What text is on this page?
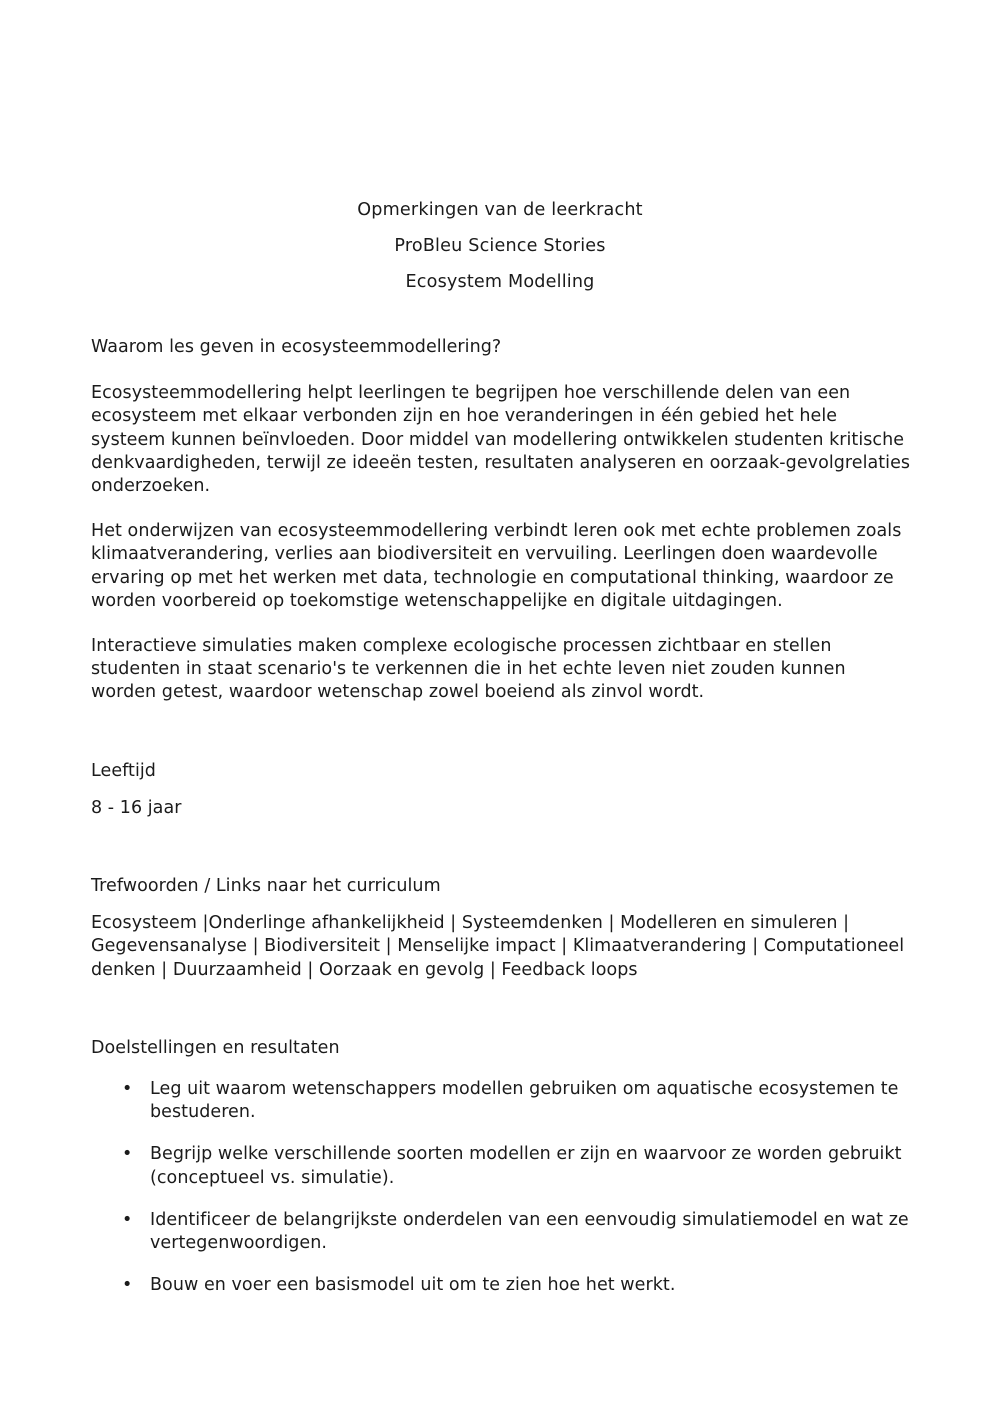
Opmerkingen van de leerkracht
ProBleu Science Stories
Ecosystem Modelling

Waarom les geven in ecosysteemmodellering?

Ecosysteemmodellering helpt leerlingen te begrijpen hoe verschillende delen van een ecosysteem met elkaar verbonden zijn en hoe veranderingen in één gebied het hele systeem kunnen beïnvloeden. Door middel van modellering ontwikkelen studenten kritische denkvaardigheden, terwijl ze ideeën testen, resultaten analyseren en oorzaak-gevolgrelaties onderzoeken.

Het onderwijzen van ecosysteemmodellering verbindt leren ook met echte problemen zoals klimaatverandering, verlies aan biodiversiteit en vervuiling. Leerlingen doen waardevolle ervaring op met het werken met data, technologie en computational thinking, waardoor ze worden voorbereid op toekomstige wetenschappelijke en digitale uitdagingen.

Interactieve simulaties maken complexe ecologische processen zichtbaar en stellen studenten in staat scenario's te verkennen die in het echte leven niet zouden kunnen worden getest, waardoor wetenschap zowel boeiend als zinvol wordt.

Leeftijd

8 - 16 jaar

Trefwoorden / Links naar het curriculum

Ecosysteem |Onderlinge afhankelijkheid | Systeemdenken | Modelleren en simuleren | Gegevensanalyse | Biodiversiteit | Menselijke impact | Klimaatverandering | Computationeel denken | Duurzaamheid | Oorzaak en gevolg | Feedback loops

Doelstellingen en resultaten

• Leg uit waarom wetenschappers modellen gebruiken om aquatische ecosystemen te bestuderen.
• Begrijp welke verschillende soorten modellen er zijn en waarvoor ze worden gebruikt (conceptueel vs. simulatie).
• Identificeer de belangrijkste onderdelen van een eenvoudig simulatiemodel en wat ze vertegenwoordigen.
• Bouw en voer een basismodel uit om te zien hoe het werkt.
